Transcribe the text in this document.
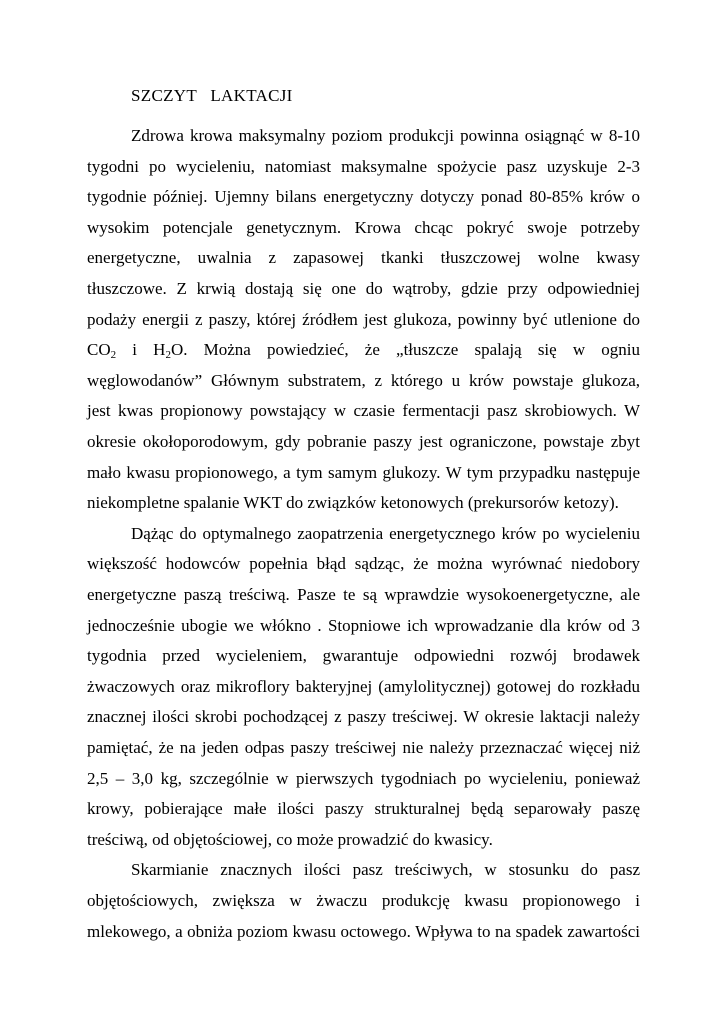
SZCZYT   LAKTACJI
Zdrowa krowa maksymalny poziom produkcji powinna osiągnąć w 8-10
tygodni po wycieleniu, natomiast maksymalne spożycie pasz uzyskuje 2-3
tygodnie później. Ujemny bilans energetyczny dotyczy ponad 80-85% krów o
wysokim potencjale genetycznym. Krowa chcąc pokryć swoje potrzeby
energetyczne, uwalnia z zapasowej tkanki tłuszczowej wolne kwasy
tłuszczowe. Z krwią dostają się one do wątroby, gdzie przy odpowiedniej
podaży energii z paszy, której źródłem jest glukoza, powinny być utlenione do
$CO_2$ i $H_2O$. Można powiedzieć, że „tłuszcze spalają się w ogniu
węglowodanów” Głównym substratem, z którego u krów powstaje glukoza,
jest kwas propionowy powstający w czasie fermentacji pasz skrobiowych. W
okresie okołoporodowym, gdy pobranie paszy jest ograniczone, powstaje zbyt
mało kwasu propionowego, a tym samym glukozy. W tym przypadku następuje
niekompletne spalanie WKT do związków ketonowych (prekursorów ketozy).
Dążąc do optymalnego zaopatrzenia energetycznego krów po wycieleniu
większość hodowców popełnia błąd sądząc, że można wyrównać niedobory
energetyczne paszą treściwą. Pasze te są wprawdzie wysokoenergetyczne, ale
jednocześnie ubogie we włókno . Stopniowe ich wprowadzanie dla krów od 3
tygodnia przed wycieleniem, gwarantuje odpowiedni rozwój brodawek
żwaczowych oraz mikroflory bakteryjnej (amylolitycznej) gotowej do rozkładu
znacznej ilości skrobi pochodzącej z paszy treściwej. W okresie laktacji należy
pamiętać, że na jeden odpas paszy treściwej nie należy przeznaczać więcej niż
2,5 – 3,0 kg, szczególnie w pierwszych tygodniach po wycieleniu, ponieważ
krowy, pobierające małe ilości paszy strukturalnej będą separowały paszę
treściwą, od objętościowej, co może prowadzić do kwasicy.
Skarmianie znacznych ilości pasz treściwych, w stosunku do pasz
objętościowych, zwiększa w żwaczu produkcję kwasu propionowego i
mlekowego, a obniża poziom kwasu octowego. Wpływa to na spadek zawartości
